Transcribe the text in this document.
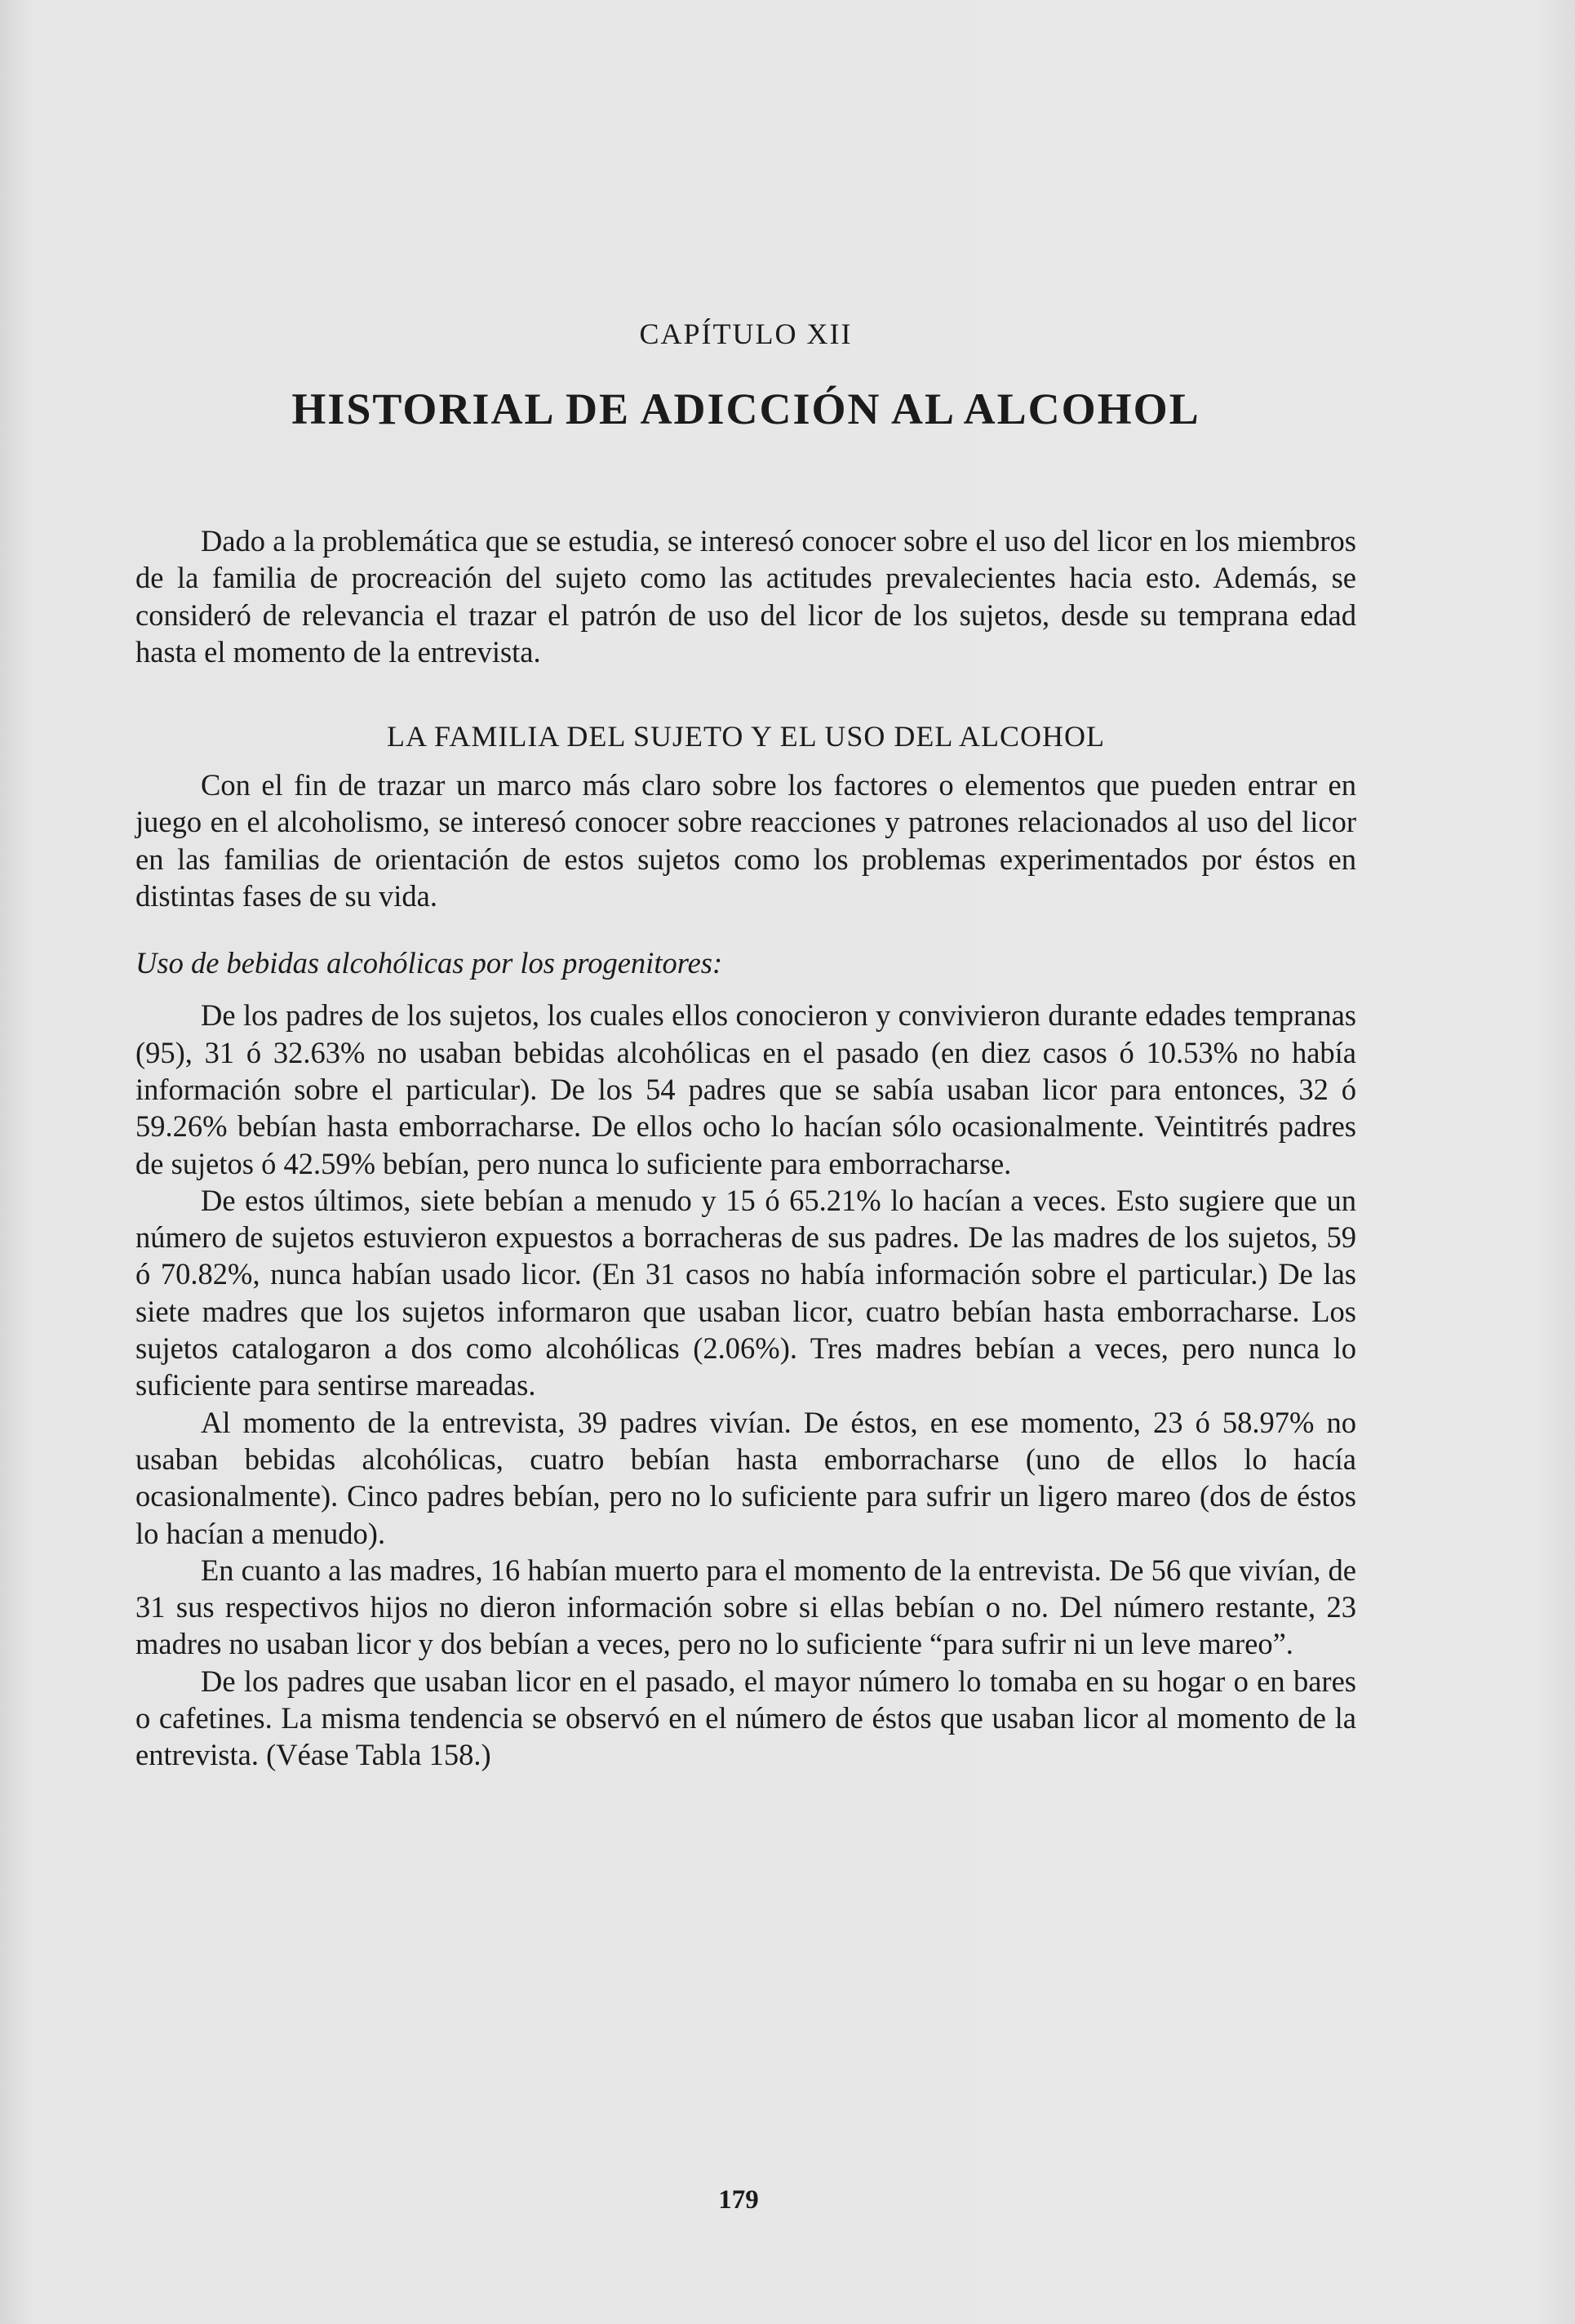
CAPÍTULO XII
HISTORIAL DE ADICCIÓN AL ALCOHOL

Dado a la problemática que se estudia, se interesó conocer sobre el uso del licor en los miembros de la familia de procreación del sujeto como las actitudes prevalecientes hacia esto. Además, se consideró de relevancia el trazar el patrón de uso del licor de los sujetos, desde su temprana edad hasta el momento de la entrevista.

LA FAMILIA DEL SUJETO Y EL USO DEL ALCOHOL

Con el fin de trazar un marco más claro sobre los factores o elementos que pueden entrar en juego en el alcoholismo, se interesó conocer sobre reacciones y patrones relacionados al uso del licor en las familias de orientación de estos sujetos como los problemas experimentados por éstos en distintas fases de su vida.

Uso de bebidas alcohólicas por los progenitores:

De los padres de los sujetos, los cuales ellos conocieron y convivieron durante edades tempranas (95), 31 ó 32.63% no usaban bebidas alcohólicas en el pasado (en diez casos ó 10.53% no había información sobre el particular). De los 54 padres que se sabía usaban licor para entonces, 32 ó 59.26% bebían hasta emborracharse. De ellos ocho lo hacían sólo ocasionalmente. Veintitrés padres de sujetos ó 42.59% bebían, pero nunca lo suficiente para emborracharse.

De estos últimos, siete bebían a menudo y 15 ó 65.21% lo hacían a veces. Esto sugiere que un número de sujetos estuvieron expuestos a borracheras de sus padres. De las madres de los sujetos, 59 ó 70.82%, nunca habían usado licor. (En 31 casos no había información sobre el particular.) De las siete madres que los sujetos informaron que usaban licor, cuatro bebían hasta emborracharse. Los sujetos catalogaron a dos como alcohólicas (2.06%). Tres madres bebían a veces, pero nunca lo suficiente para sentirse mareadas.

Al momento de la entrevista, 39 padres vivían. De éstos, en ese momento, 23 ó 58.97% no usaban bebidas alcohólicas, cuatro bebían hasta emborracharse (uno de ellos lo hacía ocasionalmente). Cinco padres bebían, pero no lo suficiente para sufrir un ligero mareo (dos de éstos lo hacían a menudo).

En cuanto a las madres, 16 habían muerto para el momento de la entrevista. De 56 que vivían, de 31 sus respectivos hijos no dieron información sobre si ellas bebían o no. Del número restante, 23 madres no usaban licor y dos bebían a veces, pero no lo suficiente “para sufrir ni un leve mareo”.

De los padres que usaban licor en el pasado, el mayor número lo tomaba en su hogar o en bares o cafetines. La misma tendencia se observó en el número de éstos que usaban licor al momento de la entrevista. (Véase Tabla 158.)

179
